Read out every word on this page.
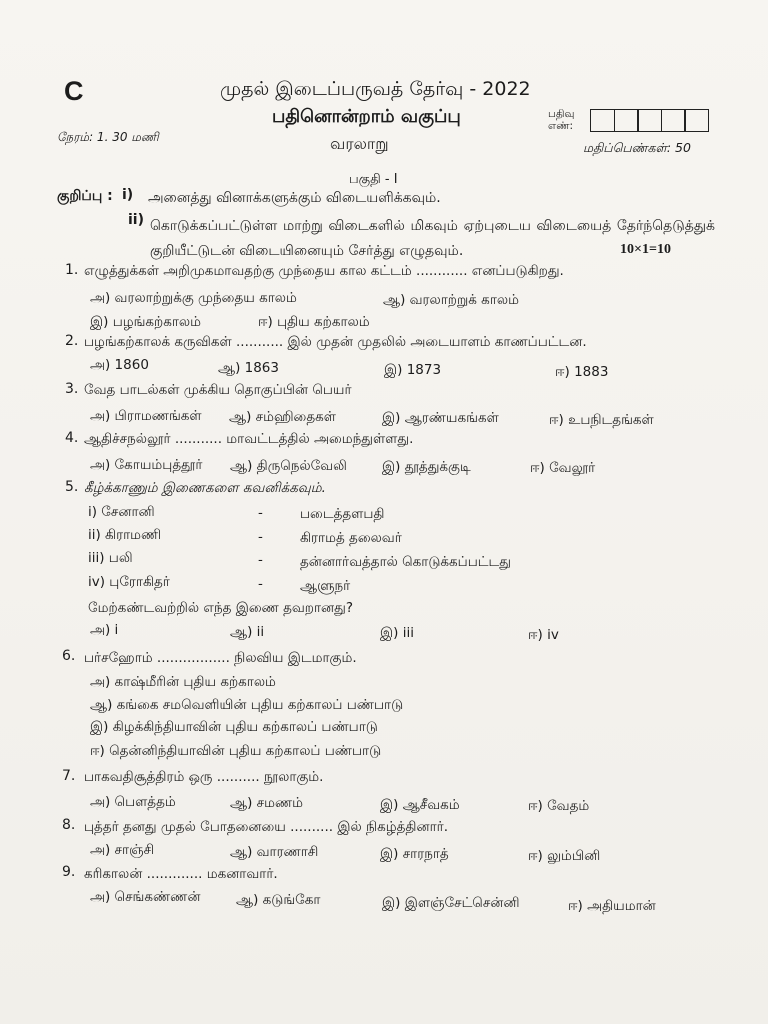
C	முதல் இடைப்பருவத் தேர்வு - 2022
பதினொன்றாம் வகுப்பு
வரலாறு
நேரம்: 1. 30 மணி
பதிவு எண்:
மதிப்பெண்கள்: 50
பகுதி - I
குறிப்பு : i) அனைத்து வினாக்களுக்கும் விடையளிக்கவும்.
ii) கொடுக்கப்பட்டுள்ள மாற்று விடைகளில் மிகவும் ஏற்புடைய விடையைத் தேர்ந்தெடுத்துக் குறியீட்டுடன் விடையினையும் சேர்த்து எழுதவும்.	10×1=10
1. எழுத்துக்கள் அறிமுகமாவதற்கு முந்தைய கால கட்டம் ............ எனப்படுகிறது.
அ) வரலாற்றுக்கு முந்தைய காலம்	ஆ) வரலாற்றுக் காலம்
இ) பழங்கற்காலம்	ஈ) புதிய கற்காலம்
2. பழங்கற்காலக் கருவிகள் ........... இல் முதன் முதலில் அடையாளம் காணப்பட்டன.
அ) 1860	ஆ) 1863	இ) 1873	ஈ) 1883
3. வேத பாடல்கள் முக்கிய தொகுப்பின் பெயர்
அ) பிராமணங்கள் ஆ) சம்ஹிதைகள்	இ) ஆரண்யகங்கள்	ஈ) உபநிடதங்கள்
4. ஆதிச்சநல்லூர் ........... மாவட்டத்தில் அமைந்துள்ளது.
அ) கோயம்புத்தூர் ஆ) திருநெல்வேலி	இ) தூத்துக்குடி	ஈ) வேலூர்
5. கீழ்க்காணும் இணைகளை கவனிக்கவும்.
i) சேனானி	-	படைத்தளபதி
ii) கிராமணி	-	கிராமத் தலைவர்
iii) பலி	-	தன்னார்வத்தால் கொடுக்கப்பட்டது
iv) புரோகிதர்	-	ஆளுநர்
மேற்கண்டவற்றில் எந்த இணை தவறானது?
அ) i	ஆ) ii	இ) iii	ஈ) iv
6. பர்சஹோம் ................. நிலவிய இடமாகும்.
அ) காஷ்மீரின் புதிய கற்காலம்
ஆ) கங்கை சமவெளியின் புதிய கற்காலப் பண்பாடு
இ) கிழக்கிந்தியாவின் புதிய கற்காலப் பண்பாடு
ஈ) தென்னிந்தியாவின் புதிய கற்காலப் பண்பாடு
7. பாகவதிசூத்திரம் ஒரு .......... நூலாகும்.
அ) பௌத்தம்	ஆ) சமணம்	இ) ஆசீவகம்	ஈ) வேதம்
8. புத்தர் தனது முதல் போதனையை .......... இல் நிகழ்த்தினார்.
அ) சாஞ்சி	ஆ) வாரணாசி	இ) சாரநாத்	ஈ) லும்பினி
9. கரிகாலன் ............. மகனாவார்.
அ) செங்கண்ணன்	ஆ) கடுங்கோ	இ) இளஞ்சேட்சென்னி	ஈ) அதியமான்
